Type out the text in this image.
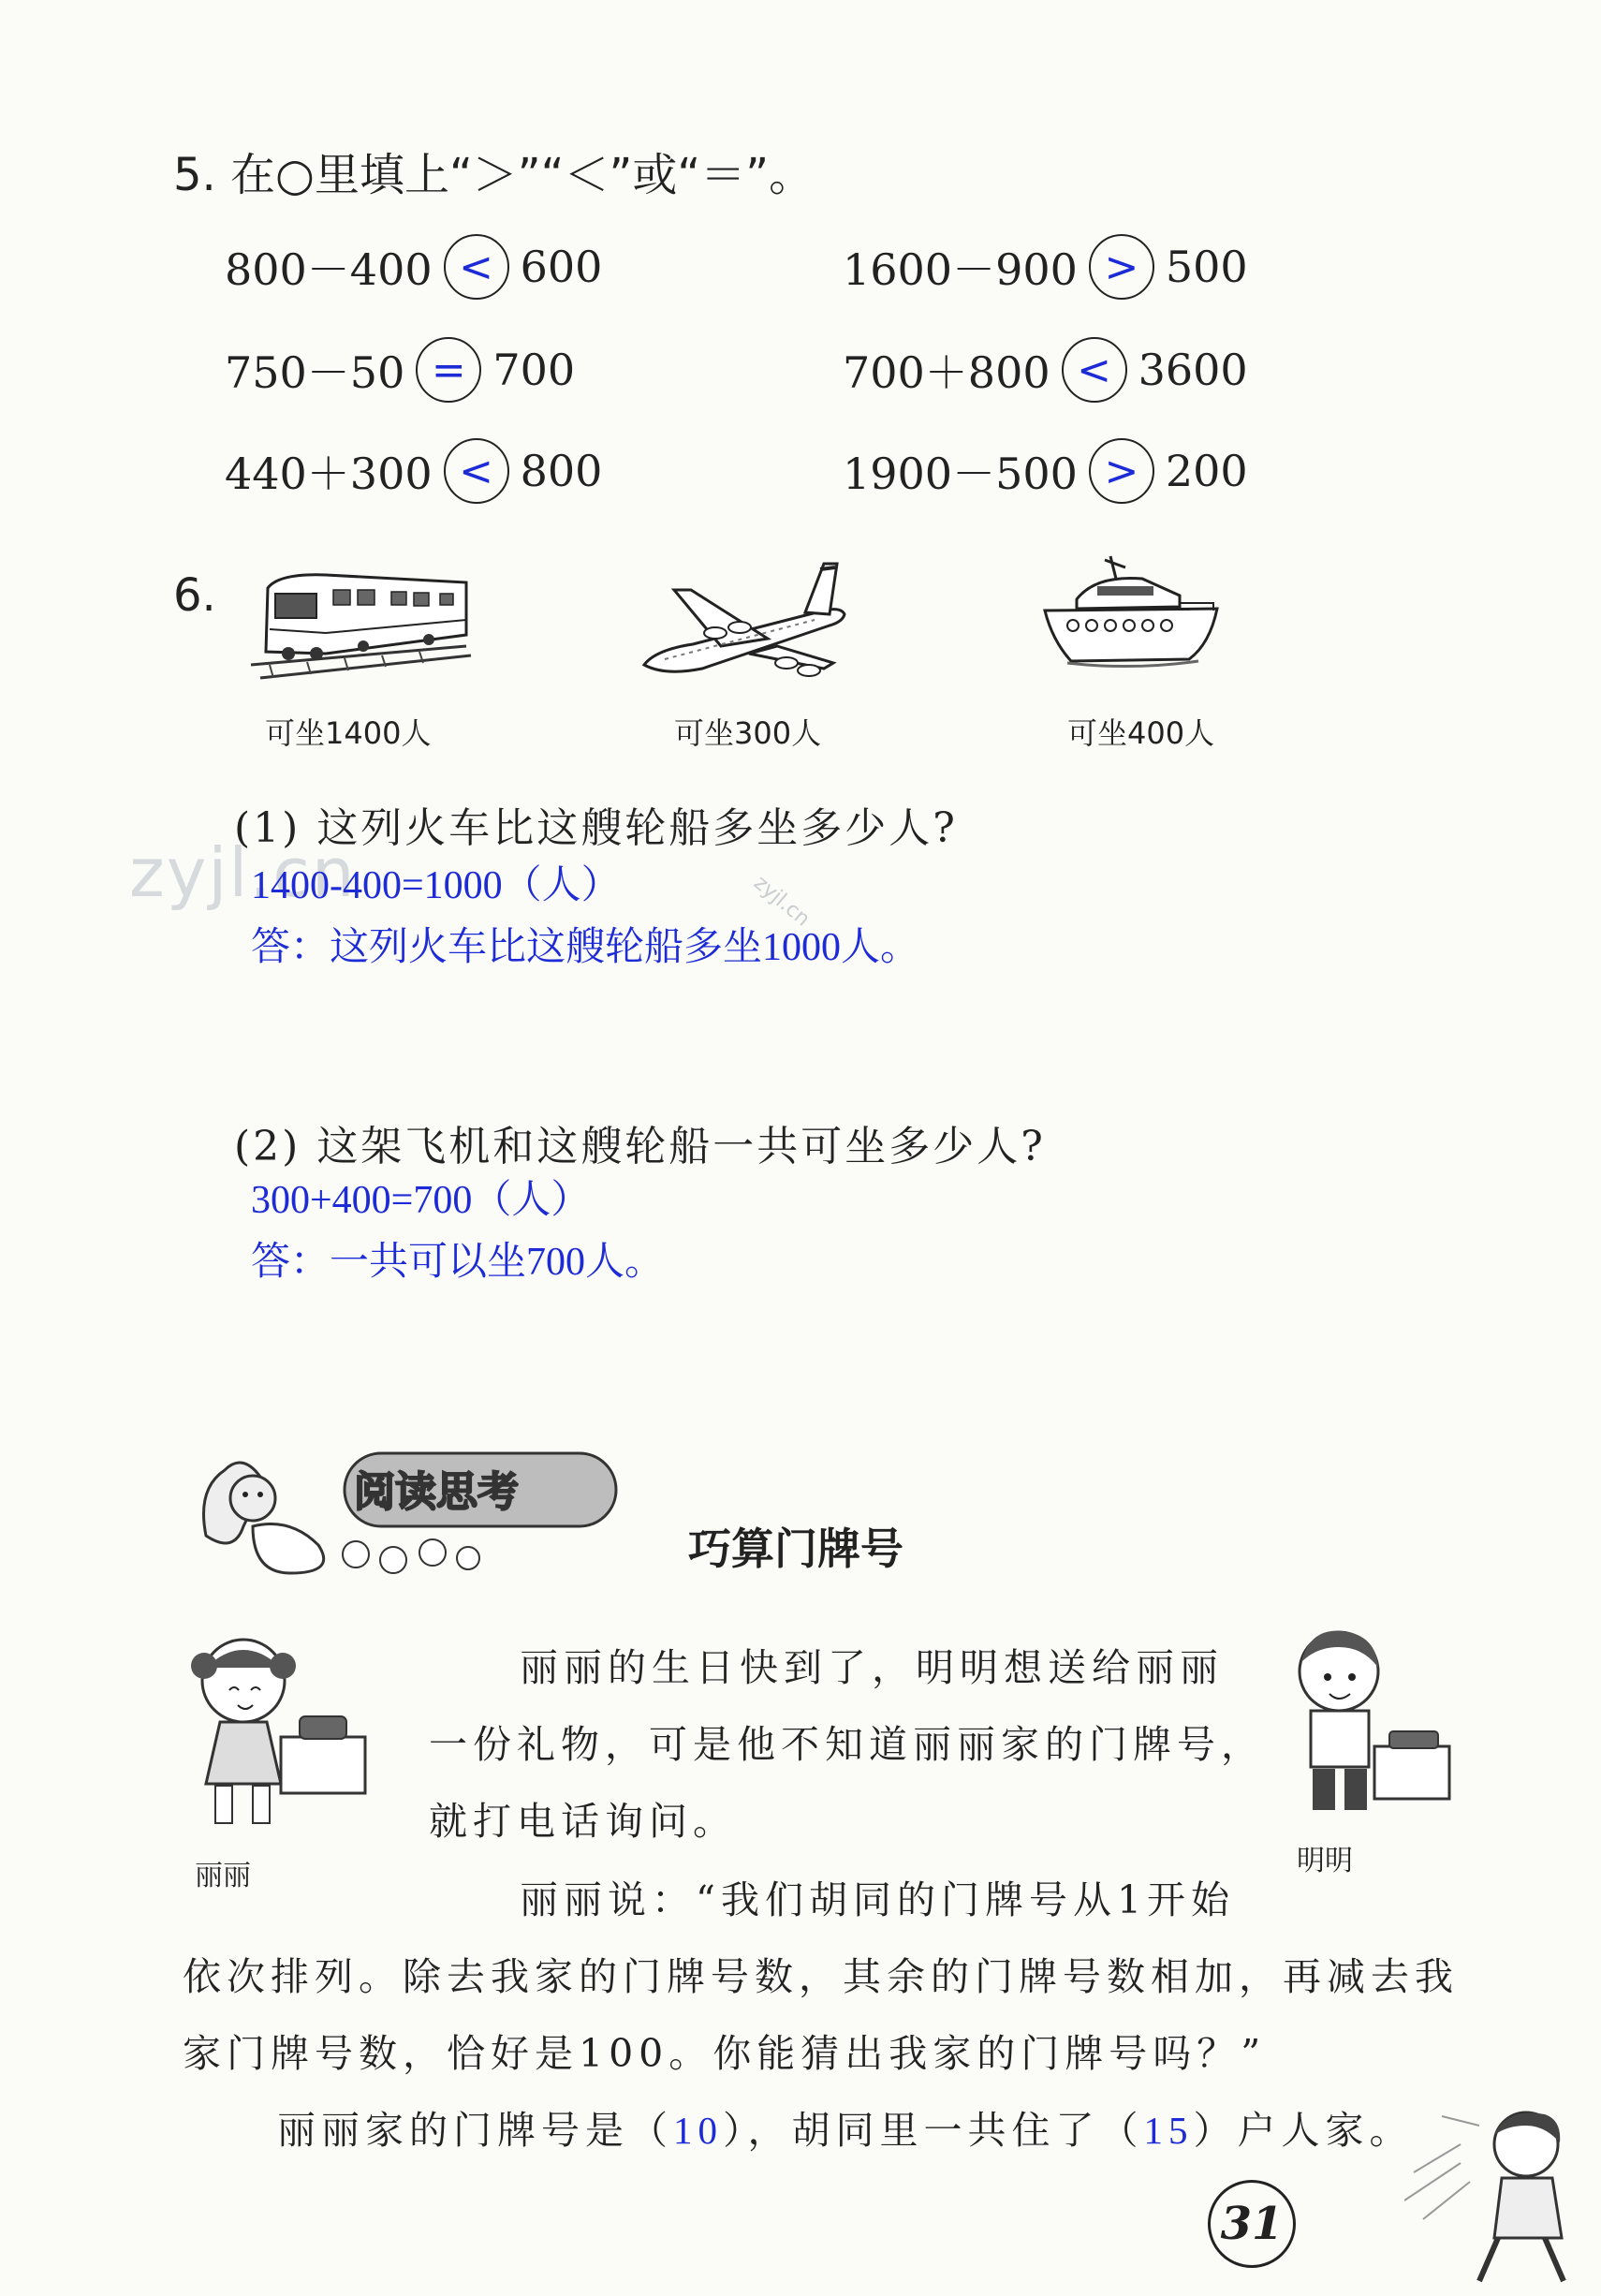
5. 在○里填上“＞”“＜”或“＝”。
800－400 < 600	1600－900 > 500
750－50 = 700	700＋800 < 3600
440＋300 < 800	1900－500 > 200
6.
可坐1400人	可坐300人	可坐400人
zyjl.cn	zyjl.cn
(1) 这列火车比这艘轮船多坐多少人?
1400-400=1000（人）
答：这列火车比这艘轮船多坐1000人。
(2) 这架飞机和这艘轮船一共可坐多少人?
300+400=700（人）
答：一共可以坐700人。
阅读思考
巧算门牌号
丽丽	明明
丽丽的生日快到了，明明想送给丽丽
一份礼物，可是他不知道丽丽家的门牌号，
就打电话询问。
丽丽说：“我们胡同的门牌号从1开始
依次排列。除去我家的门牌号数，其余的门牌号数相加，再减去我
家门牌号数，恰好是100。你能猜出我家的门牌号吗？”
丽丽家的门牌号是（10），胡同里一共住了（15）户人家。
31
